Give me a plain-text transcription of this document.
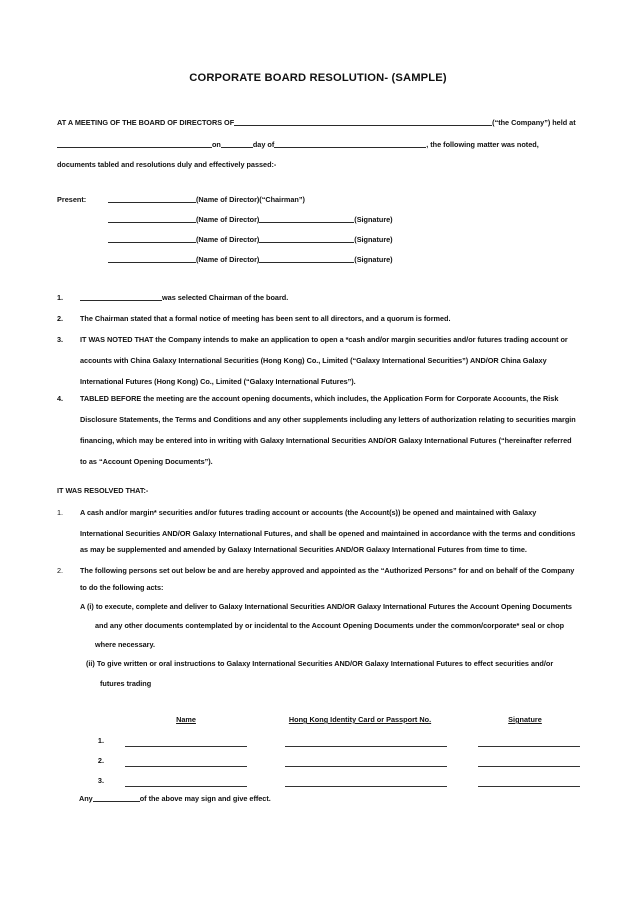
CORPORATE BOARD RESOLUTION- (SAMPLE)
AT A MEETING OF THE BOARD OF DIRECTORS OF	(“the Company”) held at
on	day of	, the following matter was noted,
documents tabled and resolutions duly and effectively passed:-
Present:	(Name of Director)(“Chairman”)
(Name of Director)	(Signature)
(Name of Director)	(Signature)
(Name of Director)	(Signature)
1.	was selected Chairman of the board.
2. The Chairman stated that a formal notice of meeting has been sent to all directors, and a quorum is formed.
3. IT WAS NOTED THAT the Company intends to make an application to open a *cash and/or margin securities and/or futures trading account or
accounts with China Galaxy International Securities (Hong Kong) Co., Limited (“Galaxy International Securities”) AND/OR China Galaxy
International Futures (Hong Kong) Co., Limited (“Galaxy International Futures”).
4. TABLED BEFORE the meeting are the account opening documents, which includes, the Application Form for Corporate Accounts, the Risk
Disclosure Statements, the Terms and Conditions and any other supplements including any letters of authorization relating to securities margin
financing, which may be entered into in writing with Galaxy International Securities AND/OR Galaxy International Futures (“hereinafter referred
to as “Account Opening Documents”).
IT WAS RESOLVED THAT:-
1. A cash and/or margin* securities and/or futures trading account or accounts (the Account(s)) be opened and maintained with Galaxy
International Securities AND/OR Galaxy International Futures, and shall be opened and maintained in accordance with the terms and conditions
as may be supplemented and amended by Galaxy International Securities AND/OR Galaxy International Futures from time to time.
2. The following persons set out below be and are hereby approved and appointed as the “Authorized Persons” for and on behalf of the Company
to do the following acts:
A (i) to execute, complete and deliver to Galaxy International Securities AND/OR Galaxy International Futures the Account Opening Documents
and any other documents contemplated by or incidental to the Account Opening Documents under the common/corporate* seal or chop
where necessary.
(ii) To give written or oral instructions to Galaxy International Securities AND/OR Galaxy International Futures to effect securities and/or
futures trading
Name	Hong Kong Identity Card or Passport No.	Signature
1.
2.
3.
Any	of the above may sign and give effect.
